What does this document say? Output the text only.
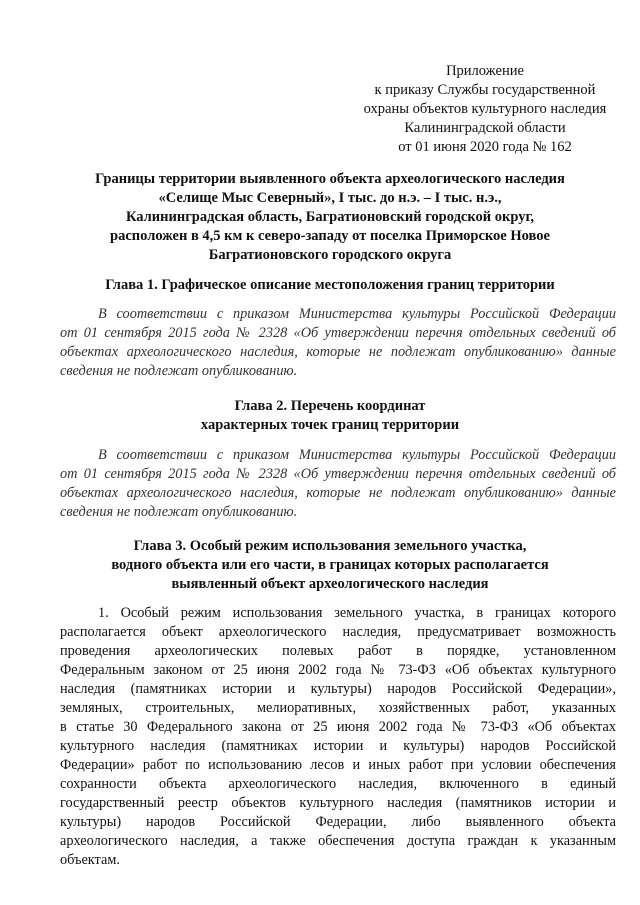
Приложение
к приказу Службы государственной
охраны объектов культурного наследия
Калининградской области
от 01 июня 2020 года № 162
Границы территории выявленного объекта археологического наследия
«Селище Мыс Северный», I тыс. до н.э. – I тыс. н.э.,
Калининградская область, Багратионовский городской округ,
расположен в 4,5 км к северо-западу от поселка Приморское Новое
Багратионовского городского округа
Глава 1. Графическое описание местоположения границ территории
В соответствии с приказом Министерства культуры Российской Федерации
от 01 сентября 2015 года № 2328 «Об утверждении перечня отдельных сведений об
объектах археологического наследия, которые не подлежат опубликованию» данные
сведения не подлежат опубликованию.
Глава 2. Перечень координат
характерных точек границ территории
В соответствии с приказом Министерства культуры Российской Федерации
от 01 сентября 2015 года № 2328 «Об утверждении перечня отдельных сведений об
объектах археологического наследия, которые не подлежат опубликованию» данные
сведения не подлежат опубликованию.
Глава 3. Особый режим использования земельного участка,
водного объекта или его части, в границах которых располагается
выявленный объект археологического наследия
1. Особый режим использования земельного участка, в границах которого
располагается объект археологического наследия, предусматривает возможность
проведения археологических полевых работ в порядке, установленном
Федеральным законом от 25 июня 2002 года № 73-ФЗ «Об объектах культурного
наследия (памятниках истории и культуры) народов Российской Федерации»,
земляных, строительных, мелиоративных, хозяйственных работ, указанных
в статье 30 Федерального закона от 25 июня 2002 года № 73-ФЗ «Об объектах
культурного наследия (памятниках истории и культуры) народов Российской
Федерации» работ по использованию лесов и иных работ при условии обеспечения
сохранности объекта археологического наследия, включенного в единый
государственный реестр объектов культурного наследия (памятников истории и
культуры) народов Российской Федерации, либо выявленного объекта
археологического наследия, а также обеспечения доступа граждан к указанным
объектам.
